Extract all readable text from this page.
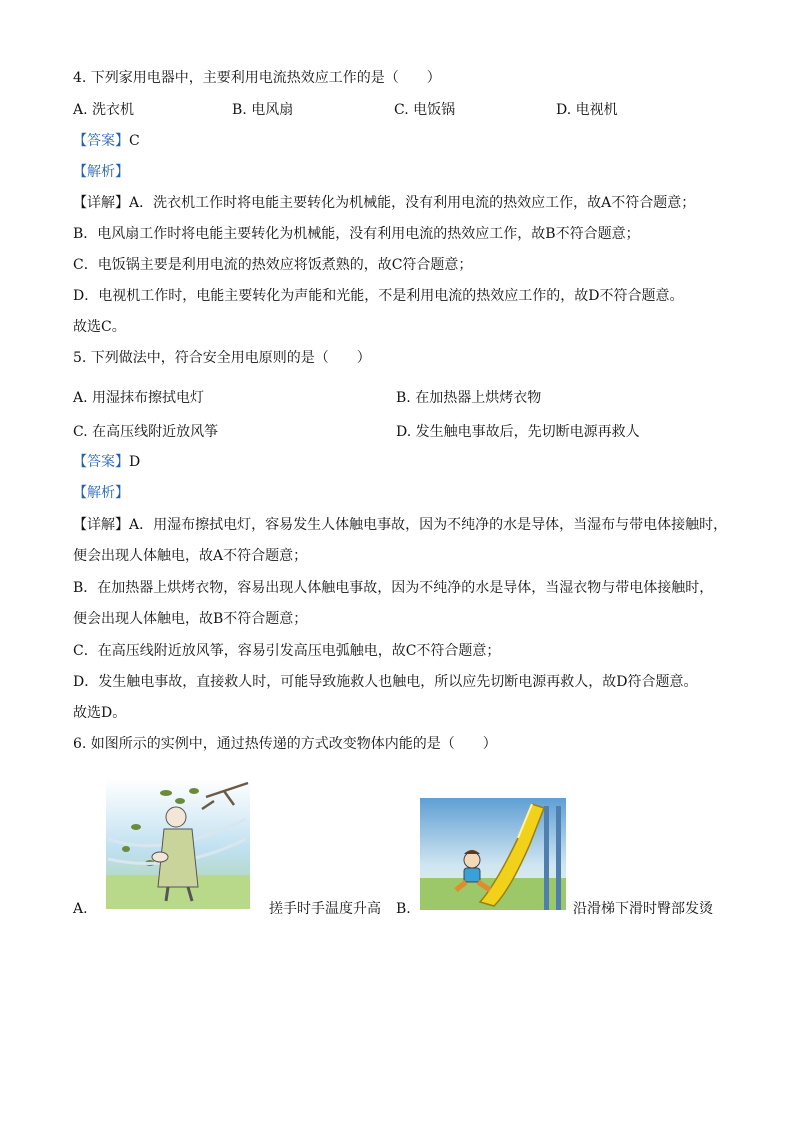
4. 下列家用电器中，主要利用电流热效应工作的是（　　）
A. 洗衣机	B. 电风扇	C. 电饭锅	D. 电视机
【答案】C
【解析】
【详解】A．洗衣机工作时将电能主要转化为机械能，没有利用电流的热效应工作，故A不符合题意；
B．电风扇工作时将电能主要转化为机械能，没有利用电流的热效应工作，故B不符合题意；
C．电饭锅主要是利用电流的热效应将饭煮熟的，故C符合题意；
D．电视机工作时，电能主要转化为声能和光能，不是利用电流的热效应工作的，故D不符合题意。
故选C。
5. 下列做法中，符合安全用电原则的是（　　）
A. 用湿抹布擦拭电灯	B. 在加热器上烘烤衣物
C. 在高压线附近放风筝	D. 发生触电事故后，先切断电源再救人
【答案】D
【解析】
【详解】A．用湿布擦拭电灯，容易发生人体触电事故，因为不纯净的水是导体，当湿布与带电体接触时，
便会出现人体触电，故A不符合题意；
B．在加热器上烘烤衣物，容易出现人体触电事故，因为不纯净的水是导体，当湿衣物与带电体接触时，
便会出现人体触电，故B不符合题意；
C．在高压线附近放风筝，容易引发高压电弧触电，故C不符合题意；
D．发生触电事故，直接救人时，可能导致施救人也触电，所以应先切断电源再救人，故D符合题意。
故选D。
6. 如图所示的实例中，通过热传递的方式改变物体内能的是（　　）
A.	搓手时手温度升高 B.	沿滑梯下滑时臀部发烫
